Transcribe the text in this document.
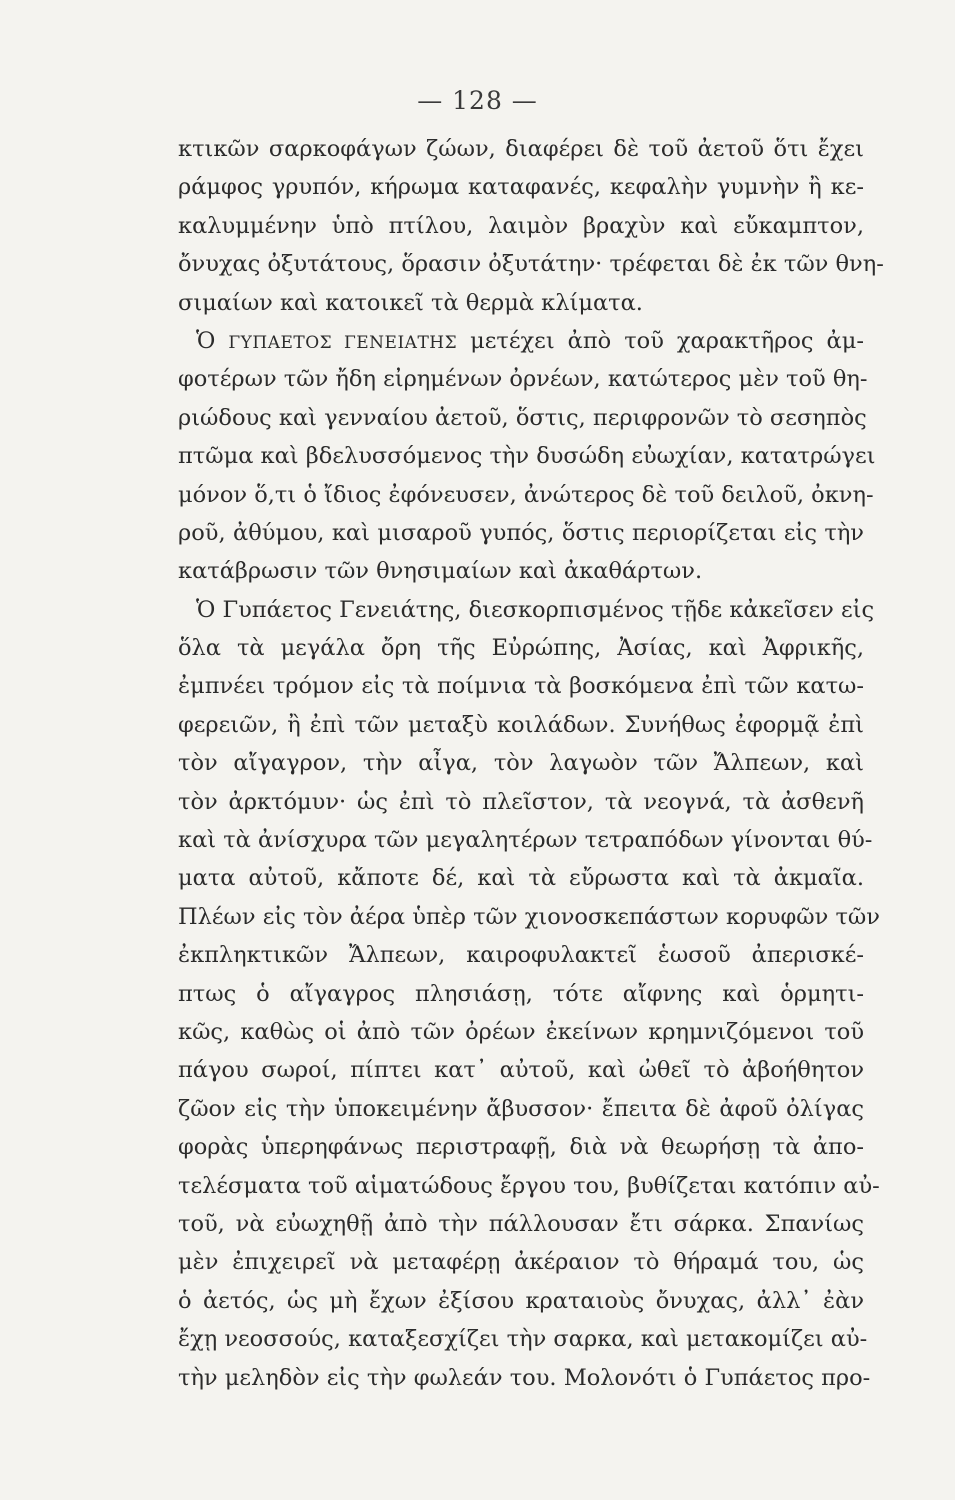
— 128 —
κτικῶν σαρκοφάγων ζώων, διαφέρει δὲ τοῦ ἀετοῦ ὅτι ἔχει
ράμφος γρυπόν, κήρωμα καταφανές, κεφαλὴν γυμνὴν ἢ κε-
καλυμμένην ὑπὸ πτίλου, λαιμὸν βραχὺν καὶ εὔκαμπτον,
ὄνυχας ὀξυτάτους, ὅρασιν ὀξυτάτην· τρέφεται δὲ ἐκ τῶν θνη-
σιμαίων καὶ κατοικεῖ τὰ θερμὰ κλίματα.
Ὁ ΓΥΠΑΕΤΟΣ ΓΕΝΕΙΑΤΗΣ μετέχει ἀπὸ τοῦ χαρακτῆρος ἀμ-
φοτέρων τῶν ἤδη εἰρημένων ὀρνέων, κατώτερος μὲν τοῦ θη-
ριώδους καὶ γενναίου ἀετοῦ, ὅστις, περιφρονῶν τὸ σεσηπὸς
πτῶμα καὶ βδελυσσόμενος τὴν δυσώδη εὐωχίαν, κατατρώγει
μόνον ὅ,τι ὁ ἴδιος ἐφόνευσεν, ἀνώτερος δὲ τοῦ δειλοῦ, ὀκνη-
ροῦ, ἀθύμου, καὶ μισαροῦ γυπός, ὅστις περιορίζεται εἰς τὴν
κατάβρωσιν τῶν θνησιμαίων καὶ ἀκαθάρτων.
Ὁ Γυπάετος Γενειάτης, διεσκορπισμένος τῇδε κἀκεῖσεν εἰς
ὅλα τὰ μεγάλα ὄρη τῆς Εὐρώπης, Ἀσίας, καὶ Ἀφρικῆς,
ἐμπνέει τρόμον εἰς τὰ ποίμνια τὰ βοσκόμενα ἐπὶ τῶν κατω-
φερειῶν, ἢ ἐπὶ τῶν μεταξὺ κοιλάδων. Συνήθως ἐφορμᾷ ἐπὶ
τὸν αἴγαγρον, τὴν αἶγα, τὸν λαγωὸν τῶν Ἄλπεων, καὶ
τὸν ἀρκτόμυν· ὡς ἐπὶ τὸ πλεῖστον, τὰ νεογνά, τὰ ἀσθενῆ
καὶ τὰ ἀνίσχυρα τῶν μεγαλητέρων τετραπόδων γίνονται θύ-
ματα αὐτοῦ, κἄποτε δέ, καὶ τὰ εὔρωστα καὶ τὰ ἀκμαῖα.
Πλέων εἰς τὸν ἀέρα ὑπὲρ τῶν χιονοσκεπάστων κορυφῶν τῶν
ἐκπληκτικῶν Ἄλπεων, καιροφυλακτεῖ ἑωσοῦ ἀπερισκέ-
πτως ὁ αἴγαγρος πλησιάσῃ, τότε αἴφνης καὶ ὁρμητι-
κῶς, καθὼς οἱ ἀπὸ τῶν ὀρέων ἐκείνων κρημνιζόμενοι τοῦ
πάγου σωροί, πίπτει κατ᾽ αὐτοῦ, καὶ ὠθεῖ τὸ ἀβοήθητον
ζῶον εἰς τὴν ὑποκειμένην ἄβυσσον· ἔπειτα δὲ ἀφοῦ ὀλίγας
φορὰς ὑπερηφάνως περιστραφῇ, διὰ νὰ θεωρήσῃ τὰ ἀπο-
τελέσματα τοῦ αἱματώδους ἔργου του, βυθίζεται κατόπιν αὐ-
τοῦ, νὰ εὐωχηθῇ ἀπὸ τὴν πάλλουσαν ἔτι σάρκα. Σπανίως
μὲν ἐπιχειρεῖ νὰ μεταφέρῃ ἀκέραιον τὸ θήραμά του, ὡς
ὁ ἀετός, ὡς μὴ ἔχων ἐξίσου κραταιοὺς ὄνυχας, ἀλλ᾽ ἐὰν
ἔχῃ νεοσσούς, καταξεσχίζει τὴν σαρκα, καὶ μετακομίζει αὐ-
τὴν μεληδὸν εἰς τὴν φωλεάν του. Μολονότι ὁ Γυπάετος προ-
